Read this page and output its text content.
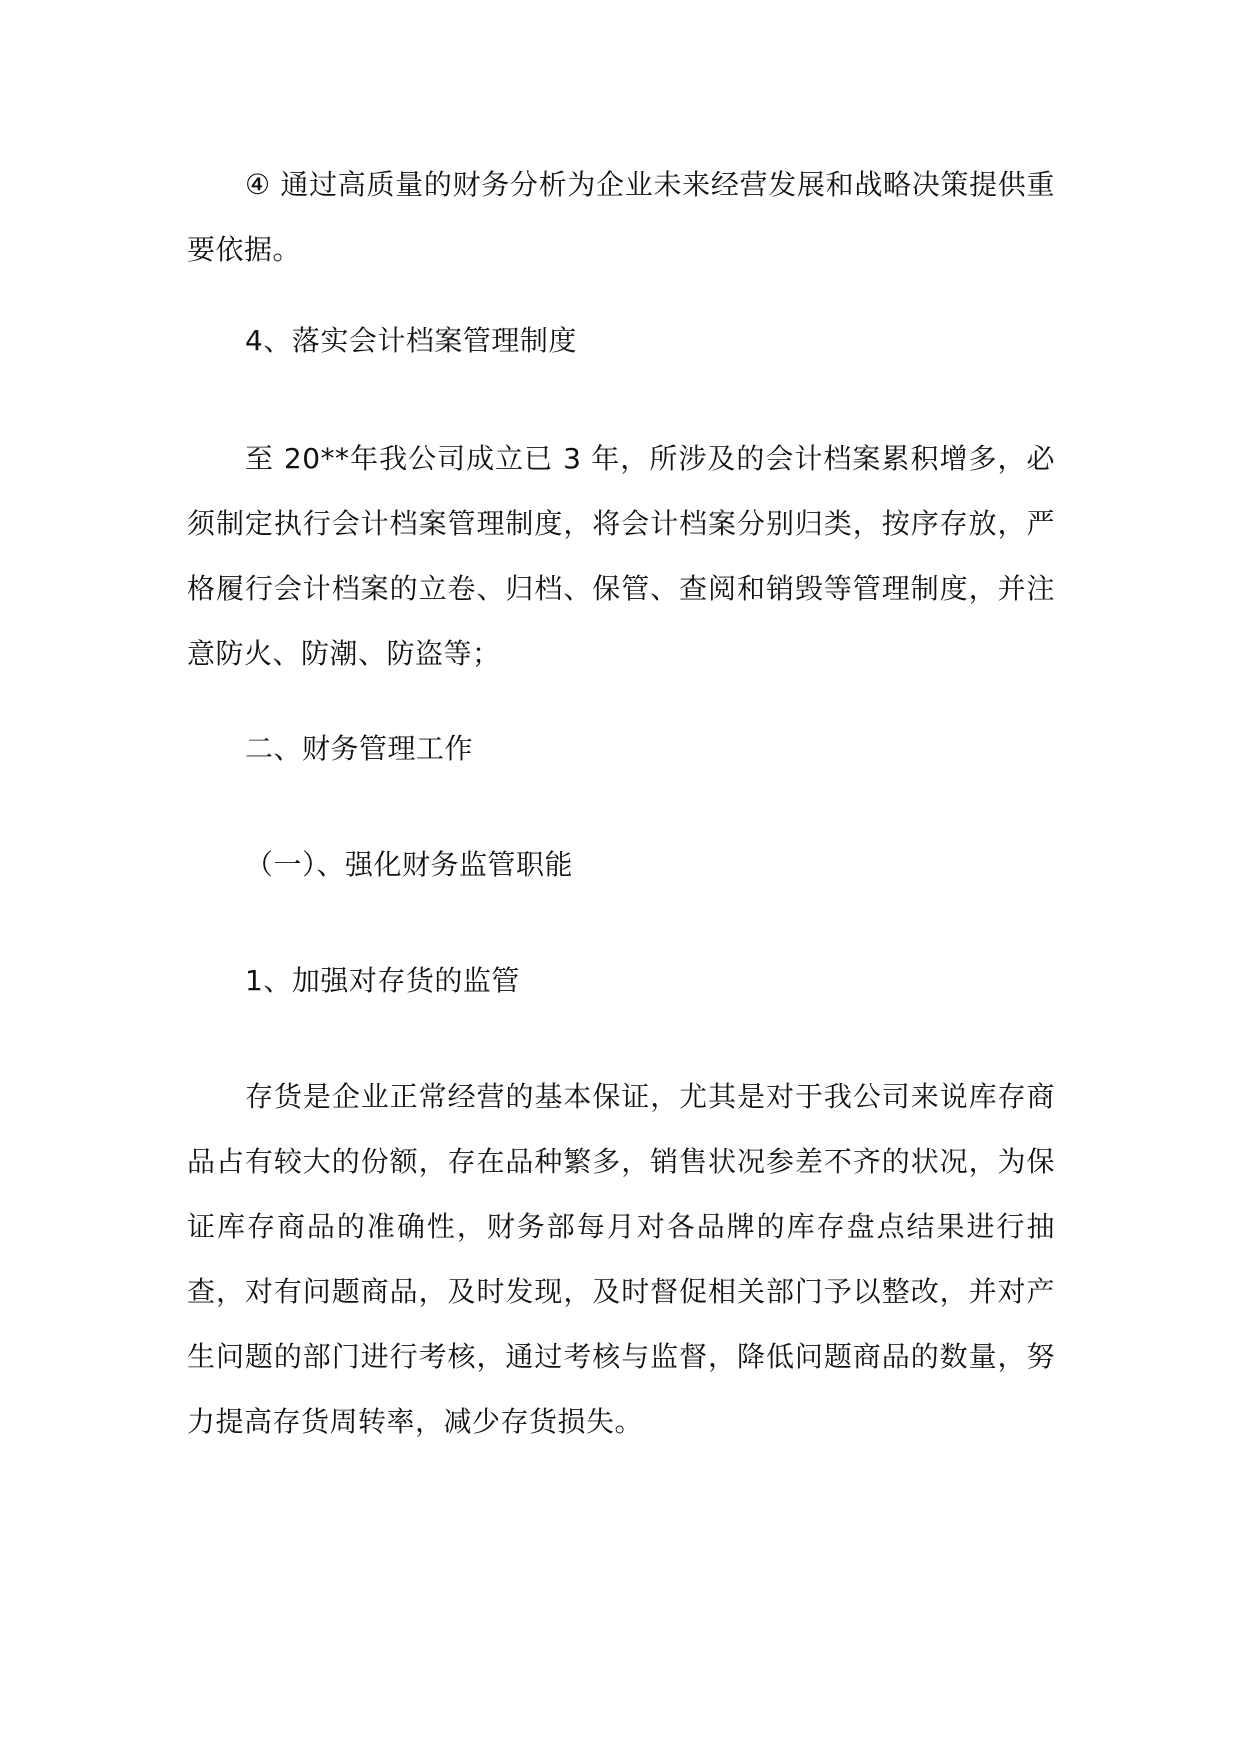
④ 通过高质量的财务分析为企业未来经营发展和战略决策提供重要依据。

4、落实会计档案管理制度

至 20**年我公司成立已 3 年，所涉及的会计档案累积增多，必须制定执行会计档案管理制度，将会计档案分别归类，按序存放，严格履行会计档案的立卷、归档、保管、查阅和销毁等管理制度，并注意防火、防潮、防盗等；

二、财务管理工作

（一）、强化财务监管职能

1、加强对存货的监管

存货是企业正常经营的基本保证，尤其是对于我公司来说库存商品占有较大的份额，存在品种繁多，销售状况参差不齐的状况，为保证库存商品的准确性，财务部每月对各品牌的库存盘点结果进行抽查，对有问题商品，及时发现，及时督促相关部门予以整改，并对产生问题的部门进行考核，通过考核与监督，降低问题商品的数量，努力提高存货周转率，减少存货损失。
